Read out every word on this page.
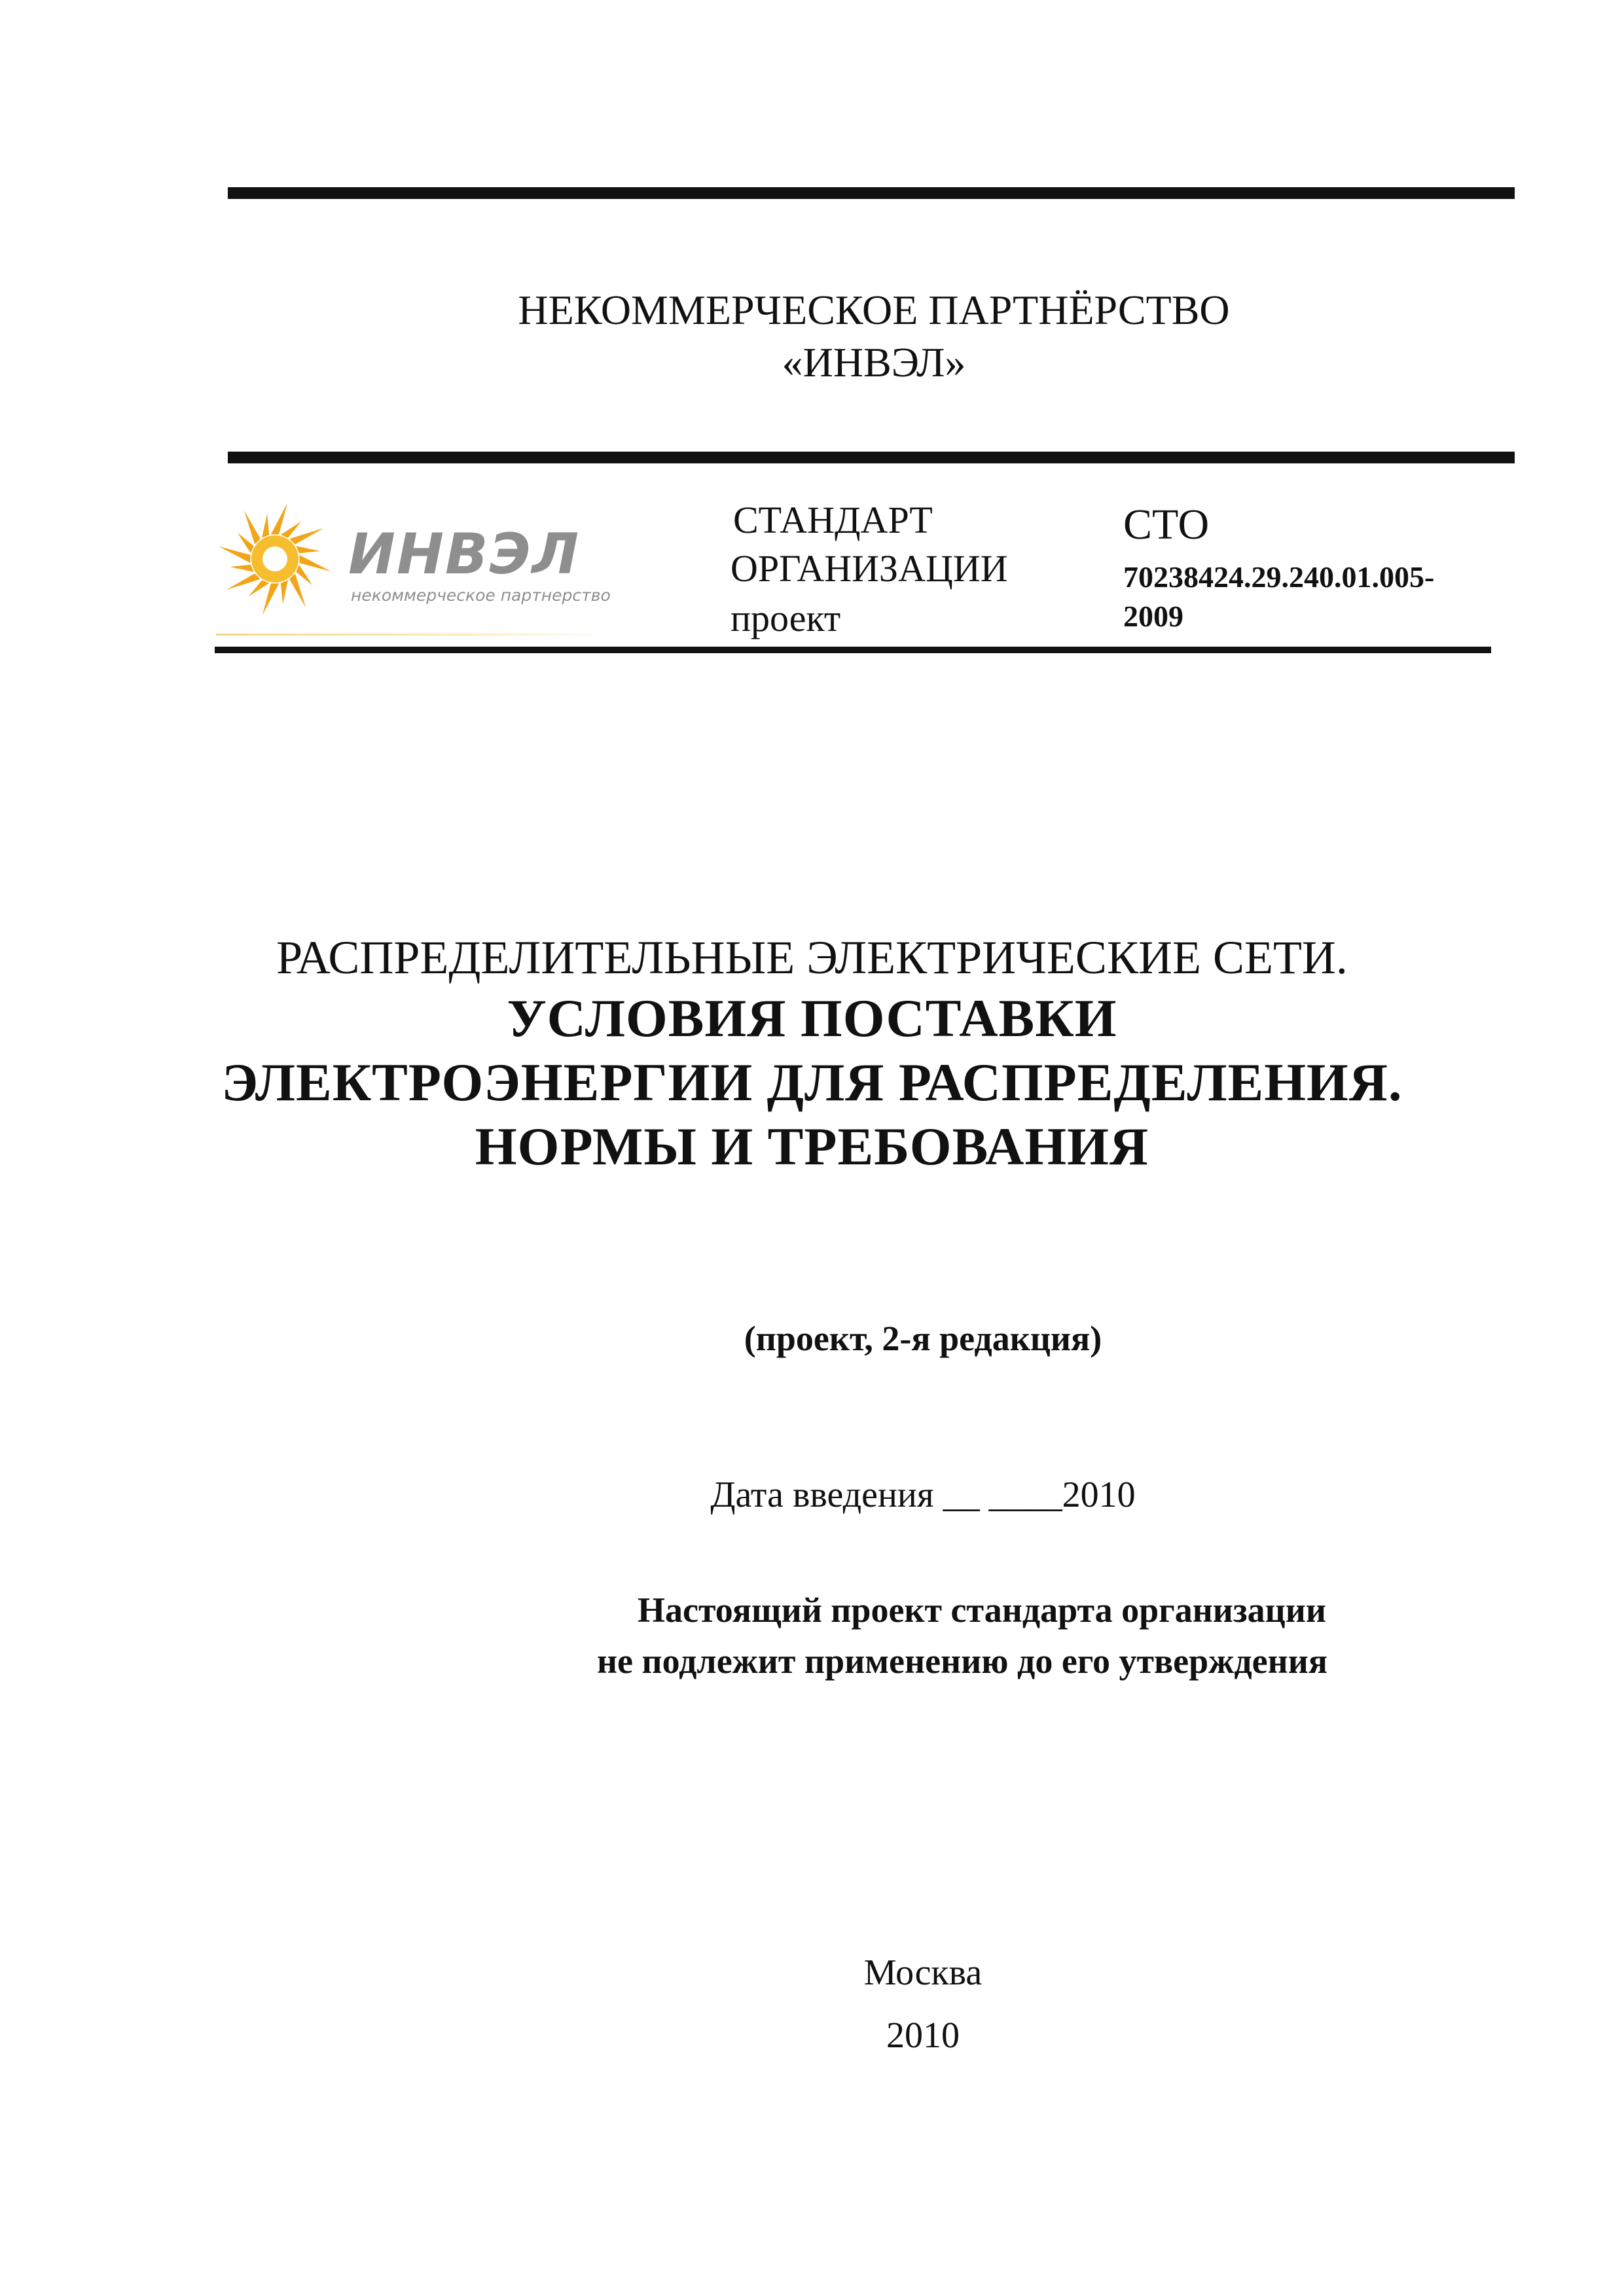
НЕКОММЕРЧЕСКОЕ ПАРТНЁРСТВО
«ИНВЭЛ»
ИНВЭЛ
некоммерческое партнерство
СТАНДАРТ
ОРГАНИЗАЦИИ
проект
СТО
70238424.29.240.01.005-
2009
РАСПРЕДЕЛИТЕЛЬНЫЕ ЭЛЕКТРИЧЕСКИЕ СЕТИ.
УСЛОВИЯ ПОСТАВКИ
ЭЛЕКТРОЭНЕРГИИ ДЛЯ РАСПРЕДЕЛЕНИЯ.
НОРМЫ И ТРЕБОВАНИЯ
(проект, 2-я редакция)
Дата введения __ ____2010
Настоящий проект стандарта организации
не подлежит применению до его утверждения
Москва
2010
